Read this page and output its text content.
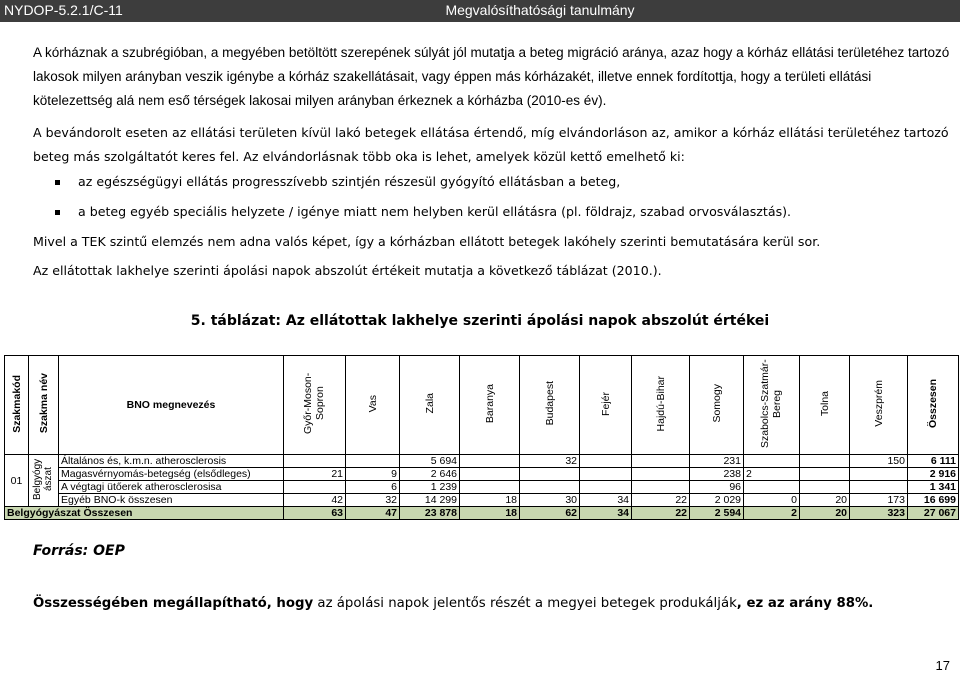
NYDOP-5.2.1/C-11	Megvalósíthatósági tanulmány

A kórháznak a szubrégióban, a megyében betöltött szerepének súlyát jól mutatja a beteg migráció aránya, azaz hogy a kórház ellátási területéhez tartozó lakosok milyen arányban veszik igénybe a kórház szakellátásait, vagy éppen más kórházakét, illetve ennek fordítottja, hogy a területi ellátási kötelezettség alá nem eső térségek lakosai milyen arányban érkeznek a kórházba (2010-es év).

A bevándorolt eseten az ellátási területen kívül lakó betegek ellátása értendő, míg elvándorláson az, amikor a kórház ellátási területéhez tartozó beteg más szolgáltatót keres fel. Az elvándorlásnak több oka is lehet, amelyek közül kettő emelhető ki:

az egészségügyi ellátás progresszívebb szintjén részesül gyógyító ellátásban a beteg,
a beteg egyéb speciális helyzete / igénye miatt nem helyben kerül ellátásra (pl. földrajz, szabad orvosválasztás).

Mivel a TEK szintű elemzés nem adna valós képet, így a kórházban ellátott betegek lakóhely szerinti bemutatására kerül sor.

Az ellátottak lakhelye szerinti ápolási napok abszolút értékeit mutatja a következő táblázat (2010.).

5. táblázat: Az ellátottak lakhelye szerinti ápolási napok abszolút értékei
Szakmakód	Szakma név	BNO megnevezés	Győr-Moson-Sopron	Vas	Zala	Baranya	Budapest	Fejér	Hajdú-Bihar	Somogy	Szabolcs-Szatmár-Bereg	Tolna	Veszprém	Összesen
01	Belgyógy ászat	Általános és, k.m.n. atherosclerosis			5 694		32			231			150	6 111
		Magasvérnyomás-betegség (elsődleges)	21	9	2 646					238	2			2 916
		A végtagi ütőerek atherosclerosisa		6	1 239					96				1 341
		Egyéb BNO-k összesen	42	32	14 299	18	30	34	22	2 029	0	20	173	16 699
Belgyógyászat Összesen			63	47	23 878	18	62	34	22	2 594	2	20	323	27 067
Forrás: OEP
Összességében megállapítható, hogy az ápolási napok jelentős részét a megyei betegek produkálják, ez az arány 88%.
17
